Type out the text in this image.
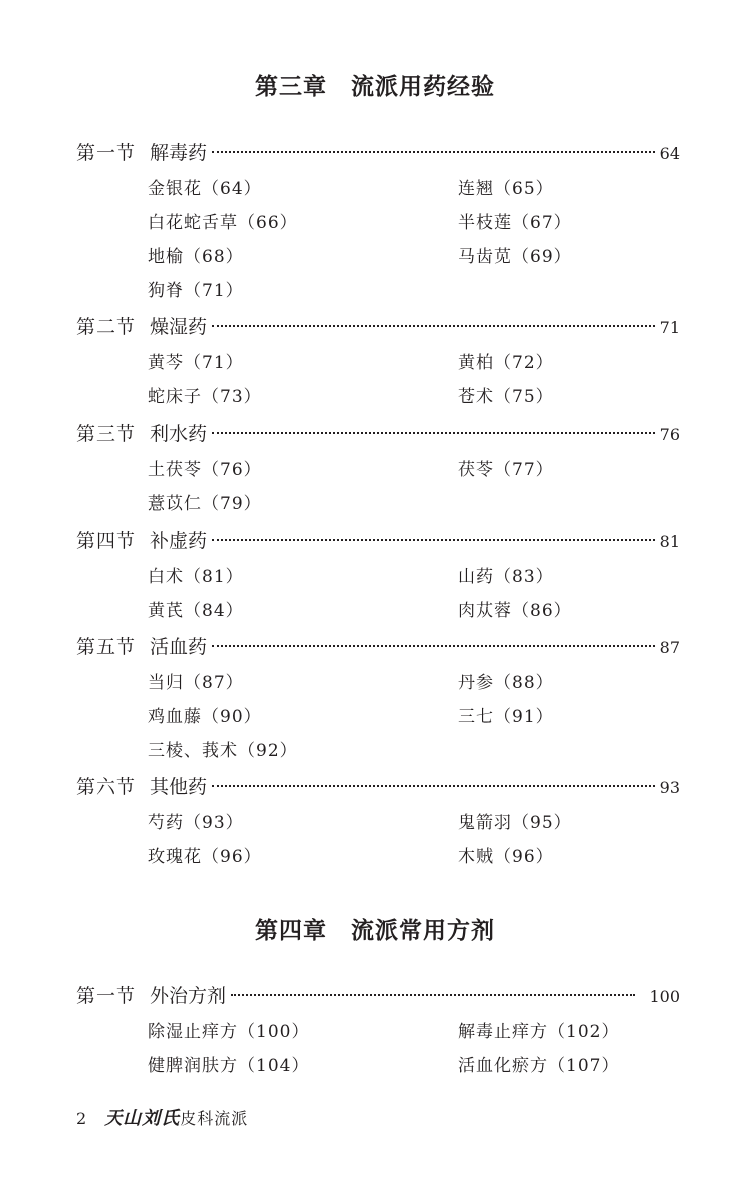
第三章　流派用药经验
第一节 解毒药	64
金银花（64）	连翘（65）
白花蛇舌草（66）	半枝莲（67）
地榆（68）	马齿苋（69）
狗脊（71）
第二节 燥湿药	71
黄芩（71）	黄柏（72）
蛇床子（73）	苍术（75）
第三节 利水药	76
土茯苓（76）	茯苓（77）
薏苡仁（79）
第四节 补虚药	81
白术（81）	山药（83）
黄芪（84）	肉苁蓉（86）
第五节 活血药	87
当归（87）	丹参（88）
鸡血藤（90）	三七（91）
三棱、莪术（92）
第六节 其他药	93
芍药（93）	鬼箭羽（95）
玫瑰花（96）	木贼（96）
第四章　流派常用方剂
第一节 外治方剂	100
除湿止痒方（100）	解毒止痒方（102）
健脾润肤方（104）	活血化瘀方（107）
2 天山刘氏 皮科流派
